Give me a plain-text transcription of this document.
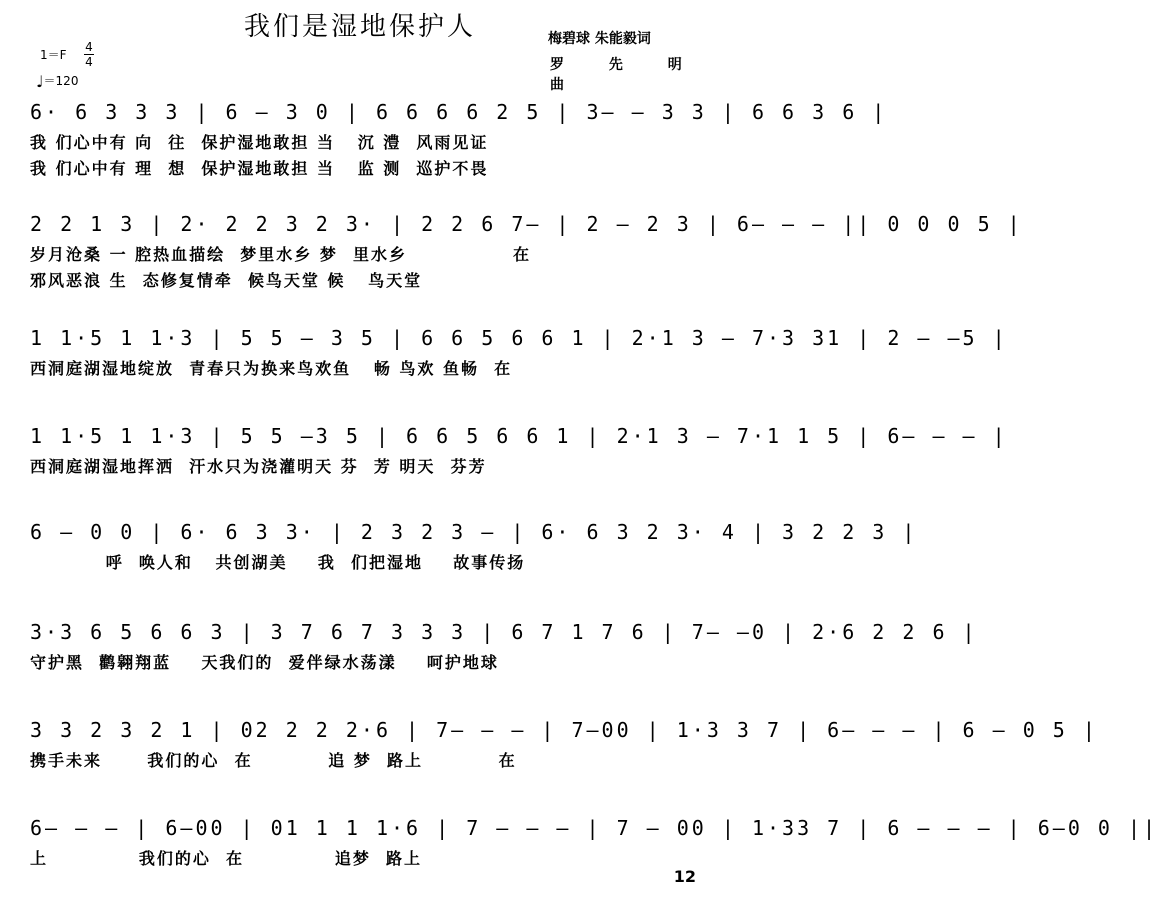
我们是湿地保护人	梅碧球 朱能毅词
罗 先 明 曲
1＝F
4
4
♩＝120
6· 6 3 3 3 | 6 – 3 0 | 6 6 6 6 2 5 | 3– – 3 3 | 6 6 3 6 |
我 们心中有 向  往  保护湿地敢担 当   沉 澧  风雨见证
我 们心中有 理  想  保护湿地敢担 当   监 测  巡护不畏
2 2 1 3 | 2· 2 2 3 2 3· | 2 2 6 7– | 2 – 2 3 | 6– – – || 0 0 0 5 |
岁月沧桑 一 腔热血描绘  梦里水乡 梦  里水乡              在
邪风恶浪 生  态修复情牵  候鸟天堂 候   鸟天堂
1 1·5 1 1·3 | 5 5 – 3 5 | 6 6 5 6 6 1 | 2·1 3 – 7·3 31 | 2 – –5 |
西洞庭湖湿地绽放  青春只为换来鸟欢鱼   畅 鸟欢 鱼畅  在
1 1·5 1 1·3 | 5 5 –3 5 | 6 6 5 6 6 1 | 2·1 3 – 7·1 1 5 | 6– – – |
西洞庭湖湿地挥洒  汗水只为浇灌明天 芬  芳 明天  芬芳
6 – 0 0 | 6· 6 3 3· | 2 3 2 3 – | 6· 6 3 2 3· 4 | 3 2 2 3 |
呼  唤人和   共创湖美    我  们把湿地    故事传扬
3·3 6 5 6 6 3 | 3 7 6 7 3 3 3 | 6 7 1 7 6 | 7– –0 | 2·6 2 2 6 |
守护黑  鹳翱翔蓝    天我们的  爱伴绿水荡漾    呵护地球
3 3 2 3 2 1 | 02 2 2 2·6 | 7– – – | 7–00 | 1·3 3 7 | 6– – – | 6 – 0 5 |
携手未来      我们的心  在          追 梦  路上          在
6– – – | 6–00 | 01 1 1 1·6 | 7 – – – | 7 – 00 | 1·33 7 | 6 – – – | 6–0 0 ||
上            我们的心  在            追梦  路上
12
